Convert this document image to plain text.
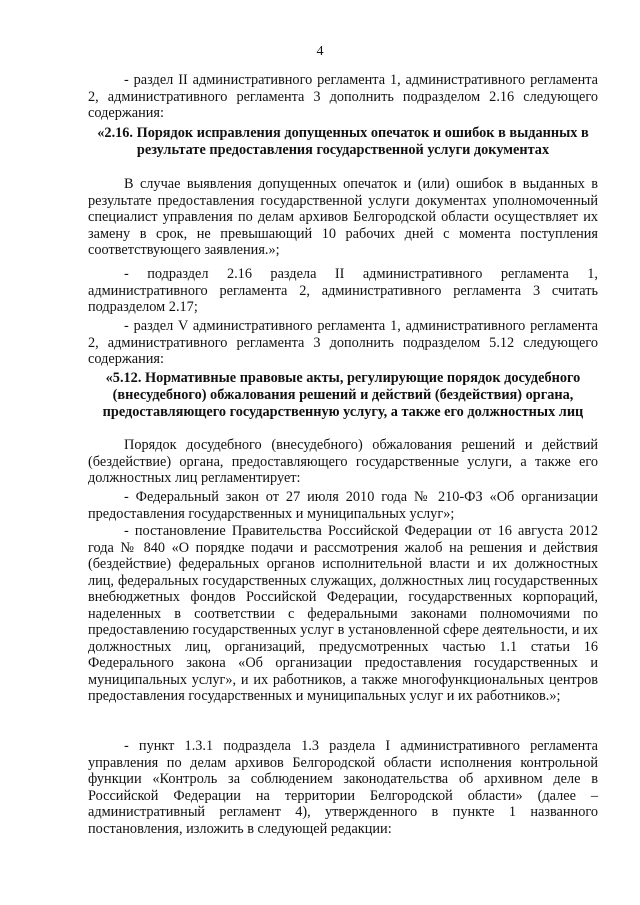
4

- раздел II административного регламента 1, административного регламента 2, административного регламента 3 дополнить подразделом 2.16 следующего содержания:

«2.16. Порядок исправления допущенных опечаток и ошибок в выданных в результате предоставления государственной услуги документах

В случае выявления допущенных опечаток и (или) ошибок в выданных в результате предоставления государственной услуги документах уполномоченный специалист управления по делам архивов Белгородской области осуществляет их замену в срок, не превышающий 10 рабочих дней с момента поступления соответствующего заявления.»;

- подраздел 2.16 раздела II административного регламента 1, административного регламента 2, административного регламента 3 считать подразделом 2.17;

- раздел V административного регламента 1, административного регламента 2, административного регламента 3 дополнить подразделом 5.12 следующего содержания:

«5.12. Нормативные правовые акты, регулирующие порядок досудебного (внесудебного) обжалования решений и действий (бездействия) органа, предоставляющего государственную услугу, а также его должностных лиц

Порядок досудебного (внесудебного) обжалования решений и действий (бездействие) органа, предоставляющего государственные услуги, а также его должностных лиц регламентирует:

- Федеральный закон от 27 июля 2010 года № 210-ФЗ «Об организации предоставления государственных и муниципальных услуг»;

- постановление Правительства Российской Федерации от 16 августа 2012 года № 840 «О порядке подачи и рассмотрения жалоб на решения и действия (бездействие) федеральных органов исполнительной власти и их должностных лиц, федеральных государственных служащих, должностных лиц государственных внебюджетных фондов Российской Федерации, государственных корпораций, наделенных в соответствии с федеральными законами полномочиями по предоставлению государственных услуг в установленной сфере деятельности, и их должностных лиц, организаций, предусмотренных частью 1.1 статьи 16 Федерального закона «Об организации предоставления государственных и муниципальных услуг», и их работников, а также многофункциональных центров предоставления государственных и муниципальных услуг и их работников.»;

- пункт 1.3.1 подраздела 1.3 раздела I административного регламента управления по делам архивов Белгородской области исполнения контрольной функции «Контроль за соблюдением законодательства об архивном деле в Российской Федерации на территории Белгородской области» (далее – административный регламент 4), утвержденного в пункте 1 названного постановления, изложить в следующей редакции:
